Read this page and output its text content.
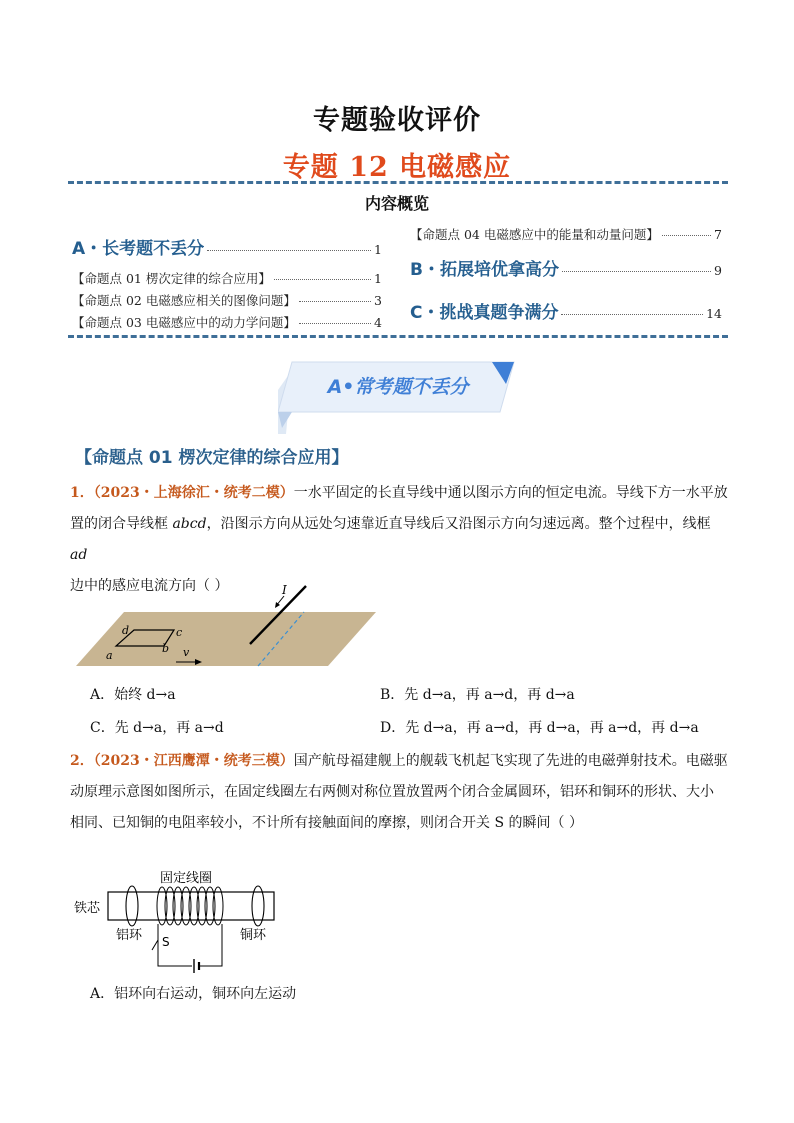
专题验收评价
专题 12 电磁感应
内容概览
A・长考题不丢分	1
【命题点 01 楞次定律的综合应用】	1
【命题点 02 电磁感应相关的图像问题】	3
【命题点 03 电磁感应中的动力学问题】	4
【命题点 04 电磁感应中的能量和动量问题】	7
B・拓展培优拿高分	9
C・挑战真题争满分	14
A•常考题不丢分
【命题点 01 楞次定律的综合应用】
1．（2023・上海徐汇・统考二模）一水平固定的长直导线中通以图示方向的恒定电流。导线下方一水平放
置的闭合导线框 abcd，沿图示方向从远处匀速靠近直导线后又沿图示方向匀速远离。整个过程中，线框 ad
边中的感应电流方向（ ）	I
a
b
c
d
v
A．始终 d→a	B．先 d→a，再 a→d，再 d→a
C．先 d→a，再 a→d	D．先 d→a，再 a→d，再 d→a，再 a→d，再 d→a
2．（2023・江西鹰潭・统考三模）国产航母福建舰上的舰载飞机起飞实现了先进的电磁弹射技术。电磁驱
动原理示意图如图所示，在固定线圈左右两侧对称位置放置两个闭合金属圆环，铝环和铜环的形状、大小
相同、已知铜的电阻率较小，不计所有接触面间的摩擦，则闭合开关 S 的瞬间（ ）
固定线圈
铁芯
铝环	铜环
S
A．铝环向右运动，铜环向左运动
